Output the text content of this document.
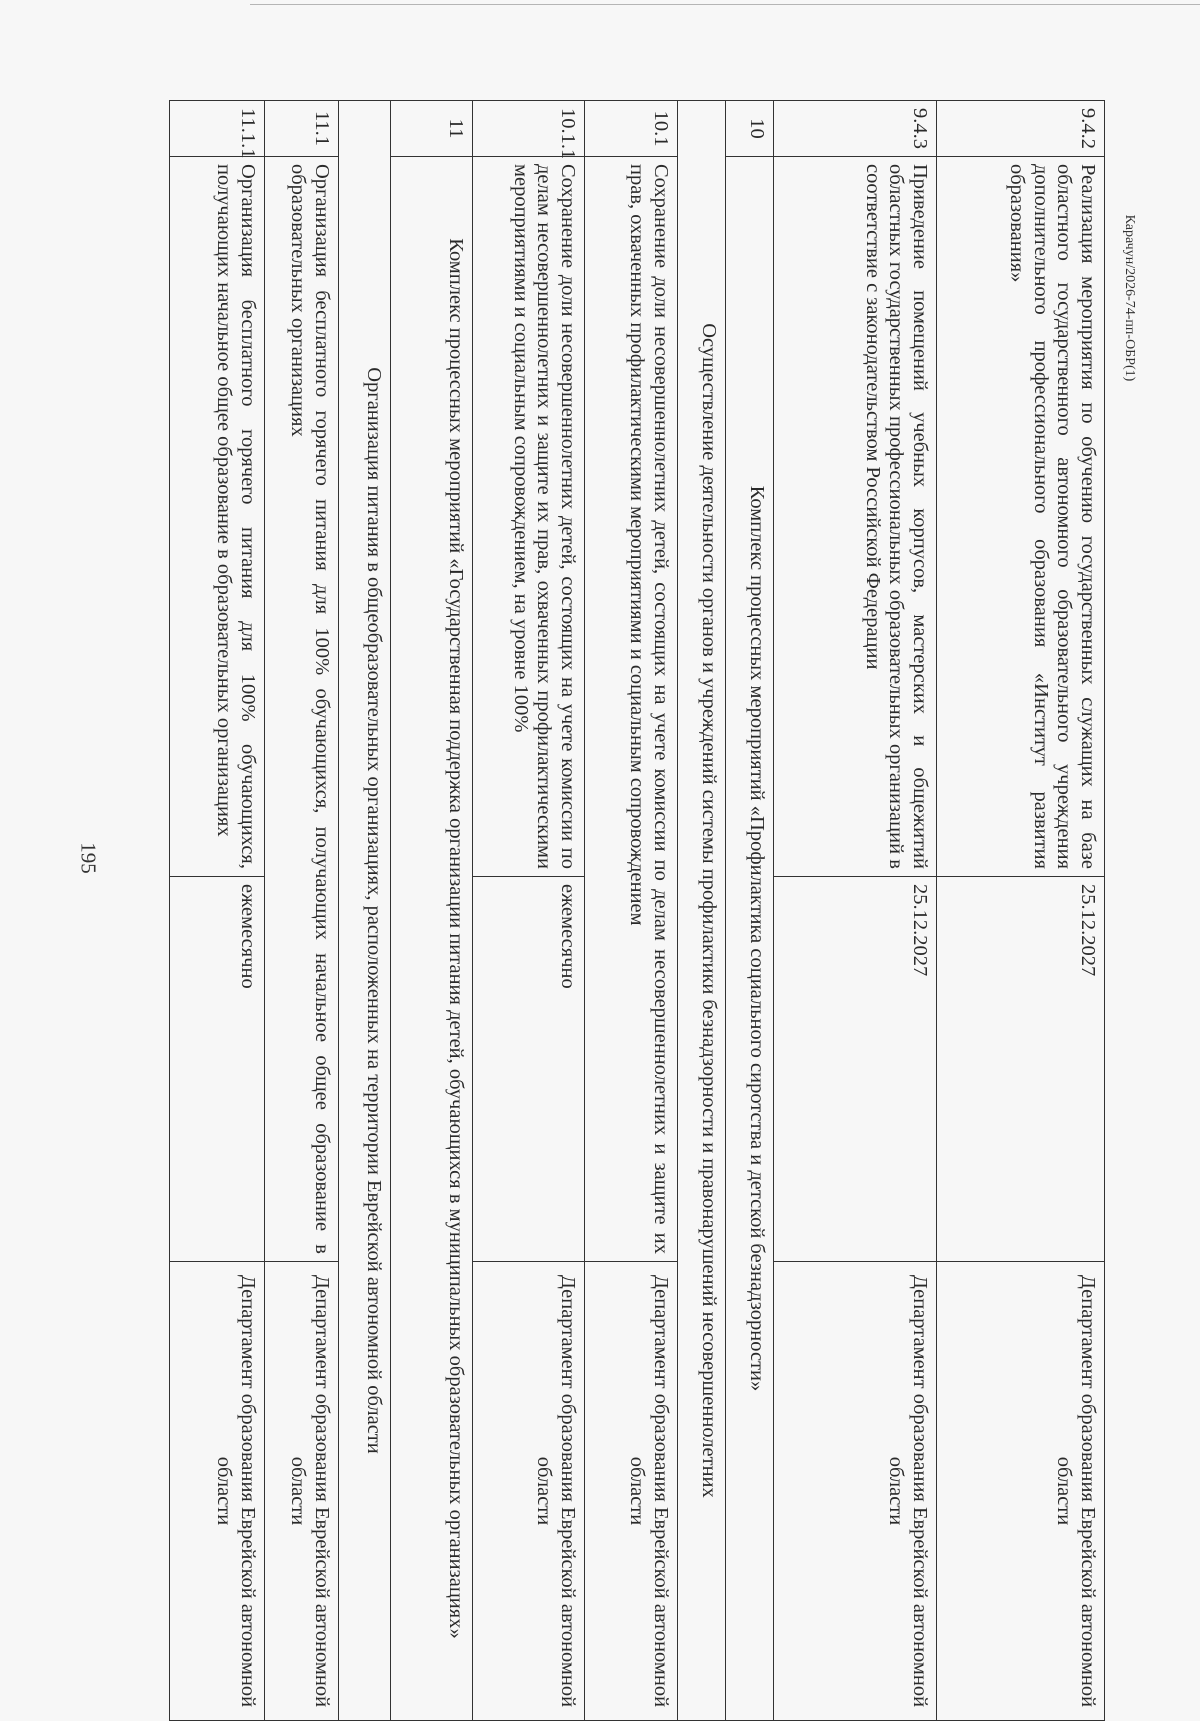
195
Карачун/2026-74-пп-ОБР(1)
9.4.2	Реализация мероприятия по обучению государственных служащих на базе областного государственного автономного образовательного учреждения дополнительного профессионального образования «Институт развития образования»	25.12.2027	Департамент образования Еврейской автономной области
9.4.3	Приведение помещений учебных корпусов, мастерских и общежитий областных государственных профессиональных образовательных организаций в соответствие с законодательством Российской Федерации	25.12.2027	Департамент образования Еврейской автономной области
10	Комплекс процессных мероприятий «Профилактика социального сиротства и детской безнадзорности»		
Осуществление деятельности органов и учреждений системы профилактики безнадзорности и правонарушений несовершеннолетних			
10.1	Сохранение доли несовершеннолетних детей, состоящих на учете комиссии по делам несовершеннолетних и защите их прав, охваченных профилактическими мероприятиями и социальным сопровождением		Департамент образования Еврейской автономной области
10.1.1	Сохранение доли несовершеннолетних детей, состоящих на учете комиссии по делам несовершеннолетних и защите их прав, охваченных профилактическими мероприятиями и социальным сопровождением, на уровне 100%	ежемесячно	Департамент образования Еврейской автономной области
11	Комплекс процессных мероприятий «Государственная поддержка организации питания детей, обучающихся в муниципальных образовательных организациях»		
Организация питания в общеобразовательных организациях, расположенных на территории Еврейской автономной области			
11.1	Организация бесплатного горячего питания для 100% обучающихся, получающих начальное общее образование в образовательных организациях		Департамент образования Еврейской автономной области
11.1.1	Организация бесплатного горячего питания для 100% обучающихся, получающих начальное общее образование в образовательных организациях	ежемесячно	Департамент образования Еврейской автономной области
